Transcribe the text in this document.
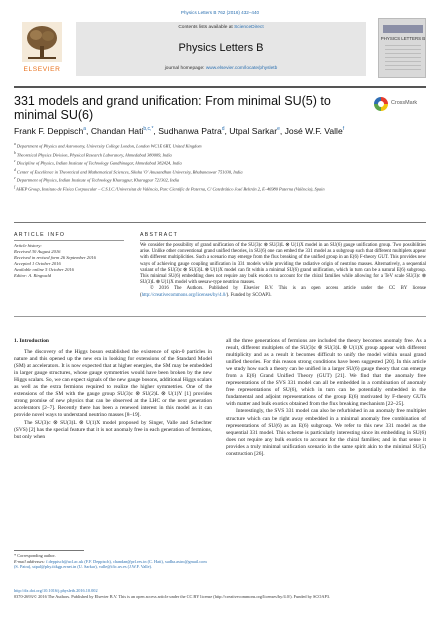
Physics Letters B 762 (2016) 432–440
ELSEVIER
Contents lists available at ScienceDirect
Physics Letters B
journal homepage: www.elsevier.com/locate/physletb
PHYSICS LETTERS B
331 models and grand unification: From minimal SU(5) to minimal SU(6)
CrossMark
Frank F. Deppisch$^a$, Chandan Hati$^{b,c,*}$, Sudhanwa Patra$^d$, Utpal Sarkar$^e$, José W.F. Valle$^f$
$^a$ Department of Physics and Astronomy, University College London, London WC1E 6BT, United Kingdom
$^b$ Theoretical Physics Division, Physical Research Laboratory, Ahmedabad 380009, India
$^c$ Discipline of Physics, Indian Institute of Technology Gandhinagar, Ahmedabad 382424, India
$^d$ Center of Excellence in Theoretical and Mathematical Sciences, Siksha 'O' Anusandhan University, Bhubaneswar 751030, India
$^e$ Department of Physics, Indian Institute of Technology Kharagpur, Kharagpur 721302, India
$^f$ AHEP Group, Instituto de Física Corpuscular – C.S.I.C./Universitat de València, Parc Científic de Paterna, C/ Catedrático José Beltrán 2, E–46980 Paterna (València), Spain
ARTICLE INFO	ABSTRACT
Article history:
Received 30 August 2016
Received in revised form 26 September 2016
Accepted 1 October 2016
Available online 5 October 2016
Editor: A. Ringwald
We consider the possibility of grand unification of the SU(3)c ⊗ SU(3)L ⊗ U(1)X model in an SU(6) gauge unification group. Two possibilities arise. Unlike other conventional grand unified theories, in SU(6) one can embed the 331 model as a subgroup such that different multiplets appear with different multiplicities. Such a scenario may emerge from the flux breaking of the unified group in an E(6) F-theory GUT. This provides new ways of achieving gauge coupling unification in 331 models while providing the radiative origin of neutrino masses. Alternatively, a sequential variant of the SU(3)c ⊗ SU(3)L ⊗ U(1)X model can fit within a minimal SU(6) grand unification, which in turn can be a natural E(6) subgroup. This minimal SU(6) embedding does not require any bulk exotics to account for the chiral families while allowing for a TeV scale SU(3)c ⊗ SU(3)L ⊗ U(1)X model with seesaw-type neutrino masses.
© 2016 The Authors. Published by Elsevier B.V. This is an open access article under the CC BY license (http://creativecommons.org/licenses/by/4.0/). Funded by SCOAP3.
1. Introduction

The discovery of the Higgs boson established the existence of spin-0 particles in nature and this opened up the new era in looking for extensions of the Standard Model (SM) at accelerators. It is now expected that at higher energies, the SM may be embedded in larger gauge structures, whose gauge symmetries would have been broken by the new Higgs scalars. So, we can expect signals of the new gauge bosons, additional Higgs scalars as well as the extra fermions required to realize the higher symmetries. One of the extensions of the SM with the gauge group SU(3)c ⊗ SU(2)L ⊗ U(1)Y [1] provides strong promise of new physics that can be observed at the LHC or the next generation accelerators [2–7]. Recently there has been a renewed interest in this model as it can provide novel ways to understand neutrino masses [8–19].

The SU(3)c ⊗ SU(3)L ⊗ U(1)X model proposed by Singer, Valle and Schechter (SVS) [2] has the special feature that it is not anomaly free in each generation of fermions, but only when

all the three generations of fermions are included the theory becomes anomaly free. As a result, different multiplets of the SU(3)c ⊗ SU(3)L ⊗ U(1)X group appear with different multiplicity and as a result it becomes difficult to unify the model within usual grand unified theories. For this reason strong conditions have been suggested [20]. In this article we study how such a theory can be unified in a larger SU(6) gauge theory that can emerge from a E(6) Grand Unified Theory (GUT) [21]. We find that the anomaly free representations of the SVS 331 model can all be embedded in a combination of anomaly free representations of SU(6), which in turn can be potentially embedded in the fundamental and adjoint representations of the group E(6) motivated by F-theory GUTs with matter and bulk exotics obtained from the flux breaking mechanism [22–25].

Interestingly, the SVS 331 model can also be refurbished in an anomaly free multiplet structure which can be right away embedded in a minimal anomaly free combination of representations of SU(6) as an E(6) subgroup. We refer to this new 331 model as the sequential 331 model. This scheme is particularly interesting since its embedding in SU(6) does not require any bulk exotics to account for the chiral families; and in that sense it provides a truly minimal unification scenario in the same spirit akin to the minimal SU(5) construction [26].

* Corresponding author.
E-mail addresses: f.deppisch@ucl.ac.uk (F.F. Deppisch), chandan@prl.res.in (C. Hati), sudha.astro@gmail.com (S. Patra), utpal@phy.iitkgp.ernet.in (U. Sarkar), valle@ific.uv.es (J.W.F. Valle).
http://dx.doi.org/10.1016/j.physletb.2016.10.002
0370-2693/© 2016 The Authors. Published by Elsevier B.V. This is an open access article under the CC BY license (http://creativecommons.org/licenses/by/4.0/). Funded by SCOAP3.
